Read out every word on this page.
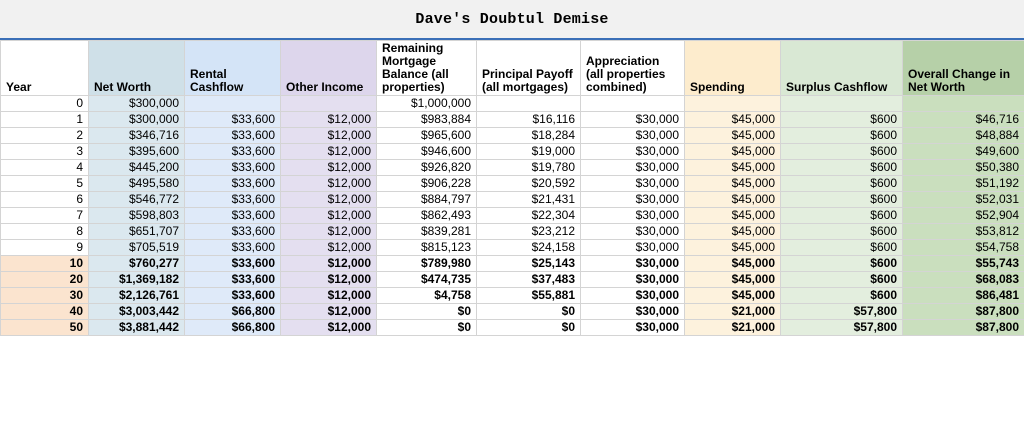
Dave's Doubtul Demise
Year	Net Worth	Rental Cashflow	Other Income	Remaining Mortgage Balance (all properties)	Principal Payoff (all mortgages)	Appreciation (all properties combined)	Spending	Surplus Cashflow	Overall Change in Net Worth
0	$300,000			$1,000,000					
1	$300,000	$33,600	$12,000	$983,884	$16,116	$30,000	$45,000	$600	$46,716
2	$346,716	$33,600	$12,000	$965,600	$18,284	$30,000	$45,000	$600	$48,884
3	$395,600	$33,600	$12,000	$946,600	$19,000	$30,000	$45,000	$600	$49,600
4	$445,200	$33,600	$12,000	$926,820	$19,780	$30,000	$45,000	$600	$50,380
5	$495,580	$33,600	$12,000	$906,228	$20,592	$30,000	$45,000	$600	$51,192
6	$546,772	$33,600	$12,000	$884,797	$21,431	$30,000	$45,000	$600	$52,031
7	$598,803	$33,600	$12,000	$862,493	$22,304	$30,000	$45,000	$600	$52,904
8	$651,707	$33,600	$12,000	$839,281	$23,212	$30,000	$45,000	$600	$53,812
9	$705,519	$33,600	$12,000	$815,123	$24,158	$30,000	$45,000	$600	$54,758
10	$760,277	$33,600	$12,000	$789,980	$25,143	$30,000	$45,000	$600	$55,743
20	$1,369,182	$33,600	$12,000	$474,735	$37,483	$30,000	$45,000	$600	$68,083
30	$2,126,761	$33,600	$12,000	$4,758	$55,881	$30,000	$45,000	$600	$86,481
40	$3,003,442	$66,800	$12,000	$0	$0	$30,000	$21,000	$57,800	$87,800
50	$3,881,442	$66,800	$12,000	$0	$0	$30,000	$21,000	$57,800	$87,800
